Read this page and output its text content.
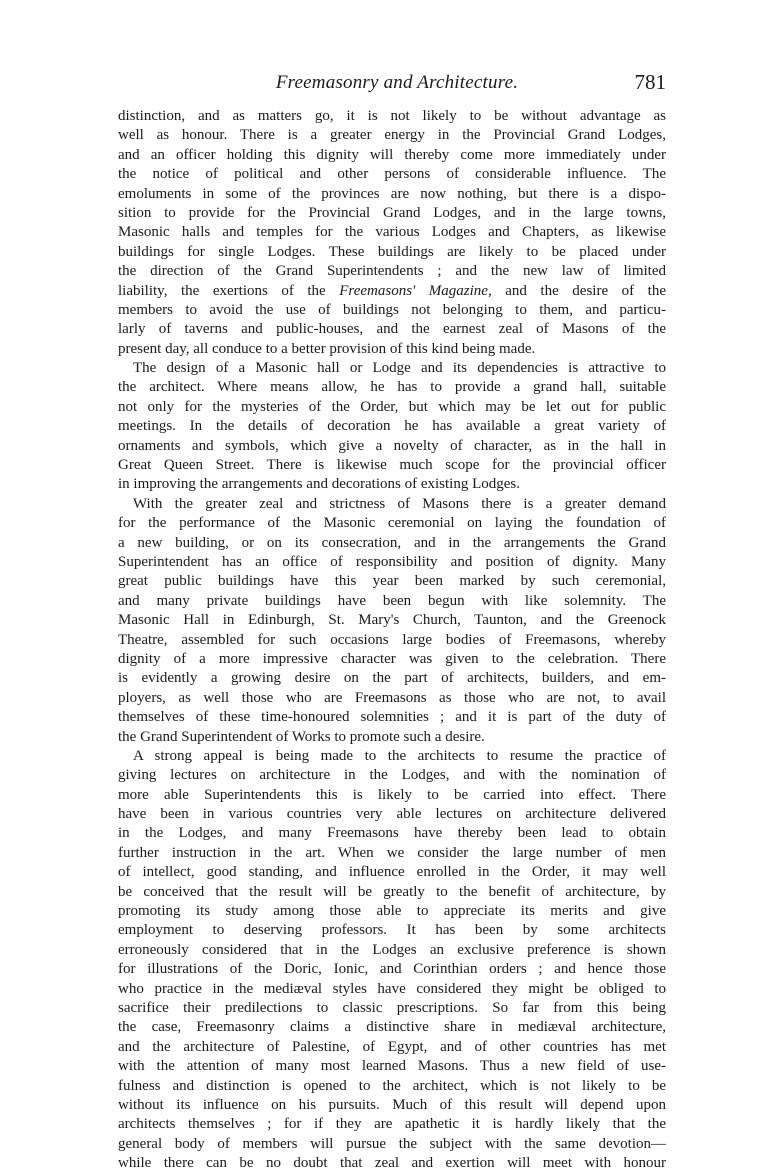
Freemasonry and Architecture.	781
distinction, and as matters go, it is not likely to be without advantage as
well as honour. There is a greater energy in the Provincial Grand Lodges,
and an officer holding this dignity will thereby come more immediately under
the notice of political and other persons of considerable influence. The
emoluments in some of the provinces are now nothing, but there is a dispo-
sition to provide for the Provincial Grand Lodges, and in the large towns,
Masonic halls and temples for the various Lodges and Chapters, as likewise
buildings for single Lodges. These buildings are likely to be placed under
the direction of the Grand Superintendents ; and the new law of limited
liability, the exertions of the Freemasons' Magazine, and the desire of the
members to avoid the use of buildings not belonging to them, and particu-
larly of taverns and public-houses, and the earnest zeal of Masons of the
present day, all conduce to a better provision of this kind being made.
The design of a Masonic hall or Lodge and its dependencies is attractive to
the architect. Where means allow, he has to provide a grand hall, suitable
not only for the mysteries of the Order, but which may be let out for public
meetings. In the details of decoration he has available a great variety of
ornaments and symbols, which give a novelty of character, as in the hall in
Great Queen Street. There is likewise much scope for the provincial officer
in improving the arrangements and decorations of existing Lodges.
With the greater zeal and strictness of Masons there is a greater demand
for the performance of the Masonic ceremonial on laying the foundation of
a new building, or on its consecration, and in the arrangements the Grand
Superintendent has an office of responsibility and position of dignity. Many
great public buildings have this year been marked by such ceremonial,
and many private buildings have been begun with like solemnity. The
Masonic Hall in Edinburgh, St. Mary's Church, Taunton, and the Greenock
Theatre, assembled for such occasions large bodies of Freemasons, whereby
dignity of a more impressive character was given to the celebration. There
is evidently a growing desire on the part of architects, builders, and em-
ployers, as well those who are Freemasons as those who are not, to avail
themselves of these time-honoured solemnities ; and it is part of the duty of
the Grand Superintendent of Works to promote such a desire.
A strong appeal is being made to the architects to resume the practice of
giving lectures on architecture in the Lodges, and with the nomination of
more able Superintendents this is likely to be carried into effect. There
have been in various countries very able lectures on architecture delivered
in the Lodges, and many Freemasons have thereby been lead to obtain
further instruction in the art. When we consider the large number of men
of intellect, good standing, and influence enrolled in the Order, it may well
be conceived that the result will be greatly to the benefit of architecture, by
promoting its study among those able to appreciate its merits and give
employment to deserving professors. It has been by some architects
erroneously considered that in the Lodges an exclusive preference is shown
for illustrations of the Doric, Ionic, and Corinthian orders ; and hence those
who practice in the mediæval styles have considered they might be obliged to
sacrifice their predilections to classic prescriptions. So far from this being
the case, Freemasonry claims a distinctive share in mediæval architecture,
and the architecture of Palestine, of Egypt, and of other countries has met
with the attention of many most learned Masons. Thus a new field of use-
fulness and distinction is opened to the architect, which is not likely to be
without its influence on his pursuits. Much of this result will depend upon
architects themselves ; for if they are apathetic it is hardly likely that the
general body of members will pursue the subject with the same devotion—
while there can be no doubt that zeal and exertion will meet with honour
